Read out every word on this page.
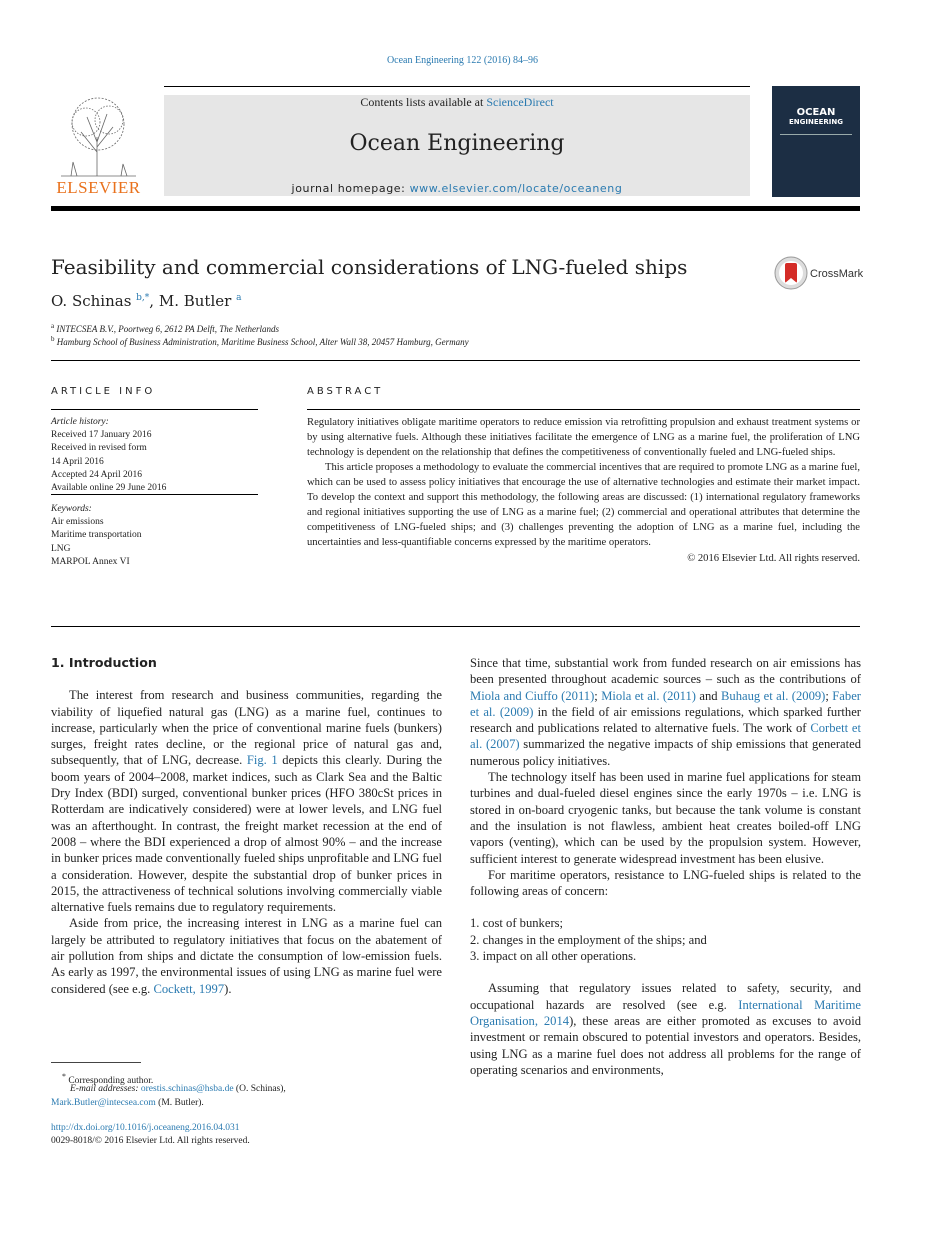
Ocean Engineering 122 (2016) 84–96
ELSEVIER
Contents lists available at ScienceDirect
Ocean Engineering
journal homepage: www.elsevier.com/locate/oceaneng
OCEAN
ENGINEERING
Feasibility and commercial considerations of LNG-fueled ships	CrossMark
O. Schinas $^{b,*}$, M. Butler $^a$
$^a$ INTECSEA B.V., Poortweg 6, 2612 PA Delft, The Netherlands
$^b$ Hamburg School of Business Administration, Maritime Business School, Alter Wall 38, 20457 Hamburg, Germany
ARTICLE INFO
Article history:
Received 17 January 2016
Received in revised form
14 April 2016
Accepted 24 April 2016
Available online 29 June 2016
Keywords:
Air emissions
Maritime transportation
LNG
MARPOL Annex VI
ABSTRACT

Regulatory initiatives obligate maritime operators to reduce emission via retrofitting propulsion and exhaust treatment systems or by using alternative fuels. Although these initiatives facilitate the emergence of LNG as a marine fuel, the proliferation of LNG technology is dependent on the relationship that defines the competitiveness of conventionally fueled and LNG-fueled ships.

This article proposes a methodology to evaluate the commercial incentives that are required to promote LNG as a marine fuel, which can be used to assess policy initiatives that encourage the use of alternative technologies and estimate their market impact. To develop the context and support this methodology, the following areas are discussed: (1) international regulatory frameworks and regional initiatives supporting the use of LNG as a marine fuel; (2) commercial and operational attributes that determine the competitiveness of LNG-fueled ships; and (3) challenges preventing the adoption of LNG as a marine fuel, including the uncertainties and less-quantifiable concerns expressed by the maritime operators.

© 2016 Elsevier Ltd. All rights reserved.
1. Introduction

The interest from research and business communities, regarding the viability of liquefied natural gas (LNG) as a marine fuel, continues to increase, particularly when the price of conventional marine fuels (bunkers) surges, freight rates decline, or the regional price of natural gas and, subsequently, that of LNG, decrease. Fig. 1 depicts this clearly. During the boom years of 2004–2008, market indices, such as Clark Sea and the Baltic Dry Index (BDI) surged, conventional bunker prices (HFO 380cSt prices in Rotterdam are indicatively considered) were at lower levels, and LNG fuel was an afterthought. In contrast, the freight market recession at the end of 2008 – where the BDI experienced a drop of almost 90% – and the increase in bunker prices made conventionally fueled ships unprofitable and LNG fuel a consideration. However, despite the substantial drop of bunker prices in 2015, the attractiveness of technical solutions involving commercially viable alternative fuels remains due to regulatory requirements.

Aside from price, the increasing interest in LNG as a marine fuel can largely be attributed to regulatory initiatives that focus on the abatement of air pollution from ships and dictate the consumption of low-emission fuels. As early as 1997, the environmental issues of using LNG as marine fuel were considered (see e.g. Cockett, 1997).

Since that time, substantial work from funded research on air emissions has been presented throughout academic sources – such as the contributions of Miola and Ciuffo (2011); Miola et al. (2011) and Buhaug et al. (2009); Faber et al. (2009) in the field of air emissions regulations, which sparked further research and publications related to alternative fuels. The work of Corbett et al. (2007) summarized the negative impacts of ship emissions that generated numerous policy initiatives.

The technology itself has been used in marine fuel applications for steam turbines and dual-fueled diesel engines since the early 1970s – i.e. LNG is stored in on-board cryogenic tanks, but because the tank volume is constant and the insulation is not flawless, ambient heat creates boiled-off LNG vapors (venting), which can be used by the propulsion system. However, sufficient interest to generate widespread investment has been elusive.

For maritime operators, resistance to LNG-fueled ships is related to the following areas of concern:

1. cost of bunkers;
2. changes in the employment of the ships; and
3. impact on all other operations.

Assuming that regulatory issues related to safety, security, and occupational hazards are resolved (see e.g. International Maritime Organisation, 2014), these areas are either promoted as excuses to avoid investment or remain obscured to potential investors and operators. Besides, using LNG as a marine fuel does not address all problems for the range of operating scenarios and environments,

* Corresponding author.
E-mail addresses: orestis.schinas@hsba.de (O. Schinas),
Mark.Butler@intecsea.com (M. Butler).
http://dx.doi.org/10.1016/j.oceaneng.2016.04.031
0029-8018/© 2016 Elsevier Ltd. All rights reserved.
